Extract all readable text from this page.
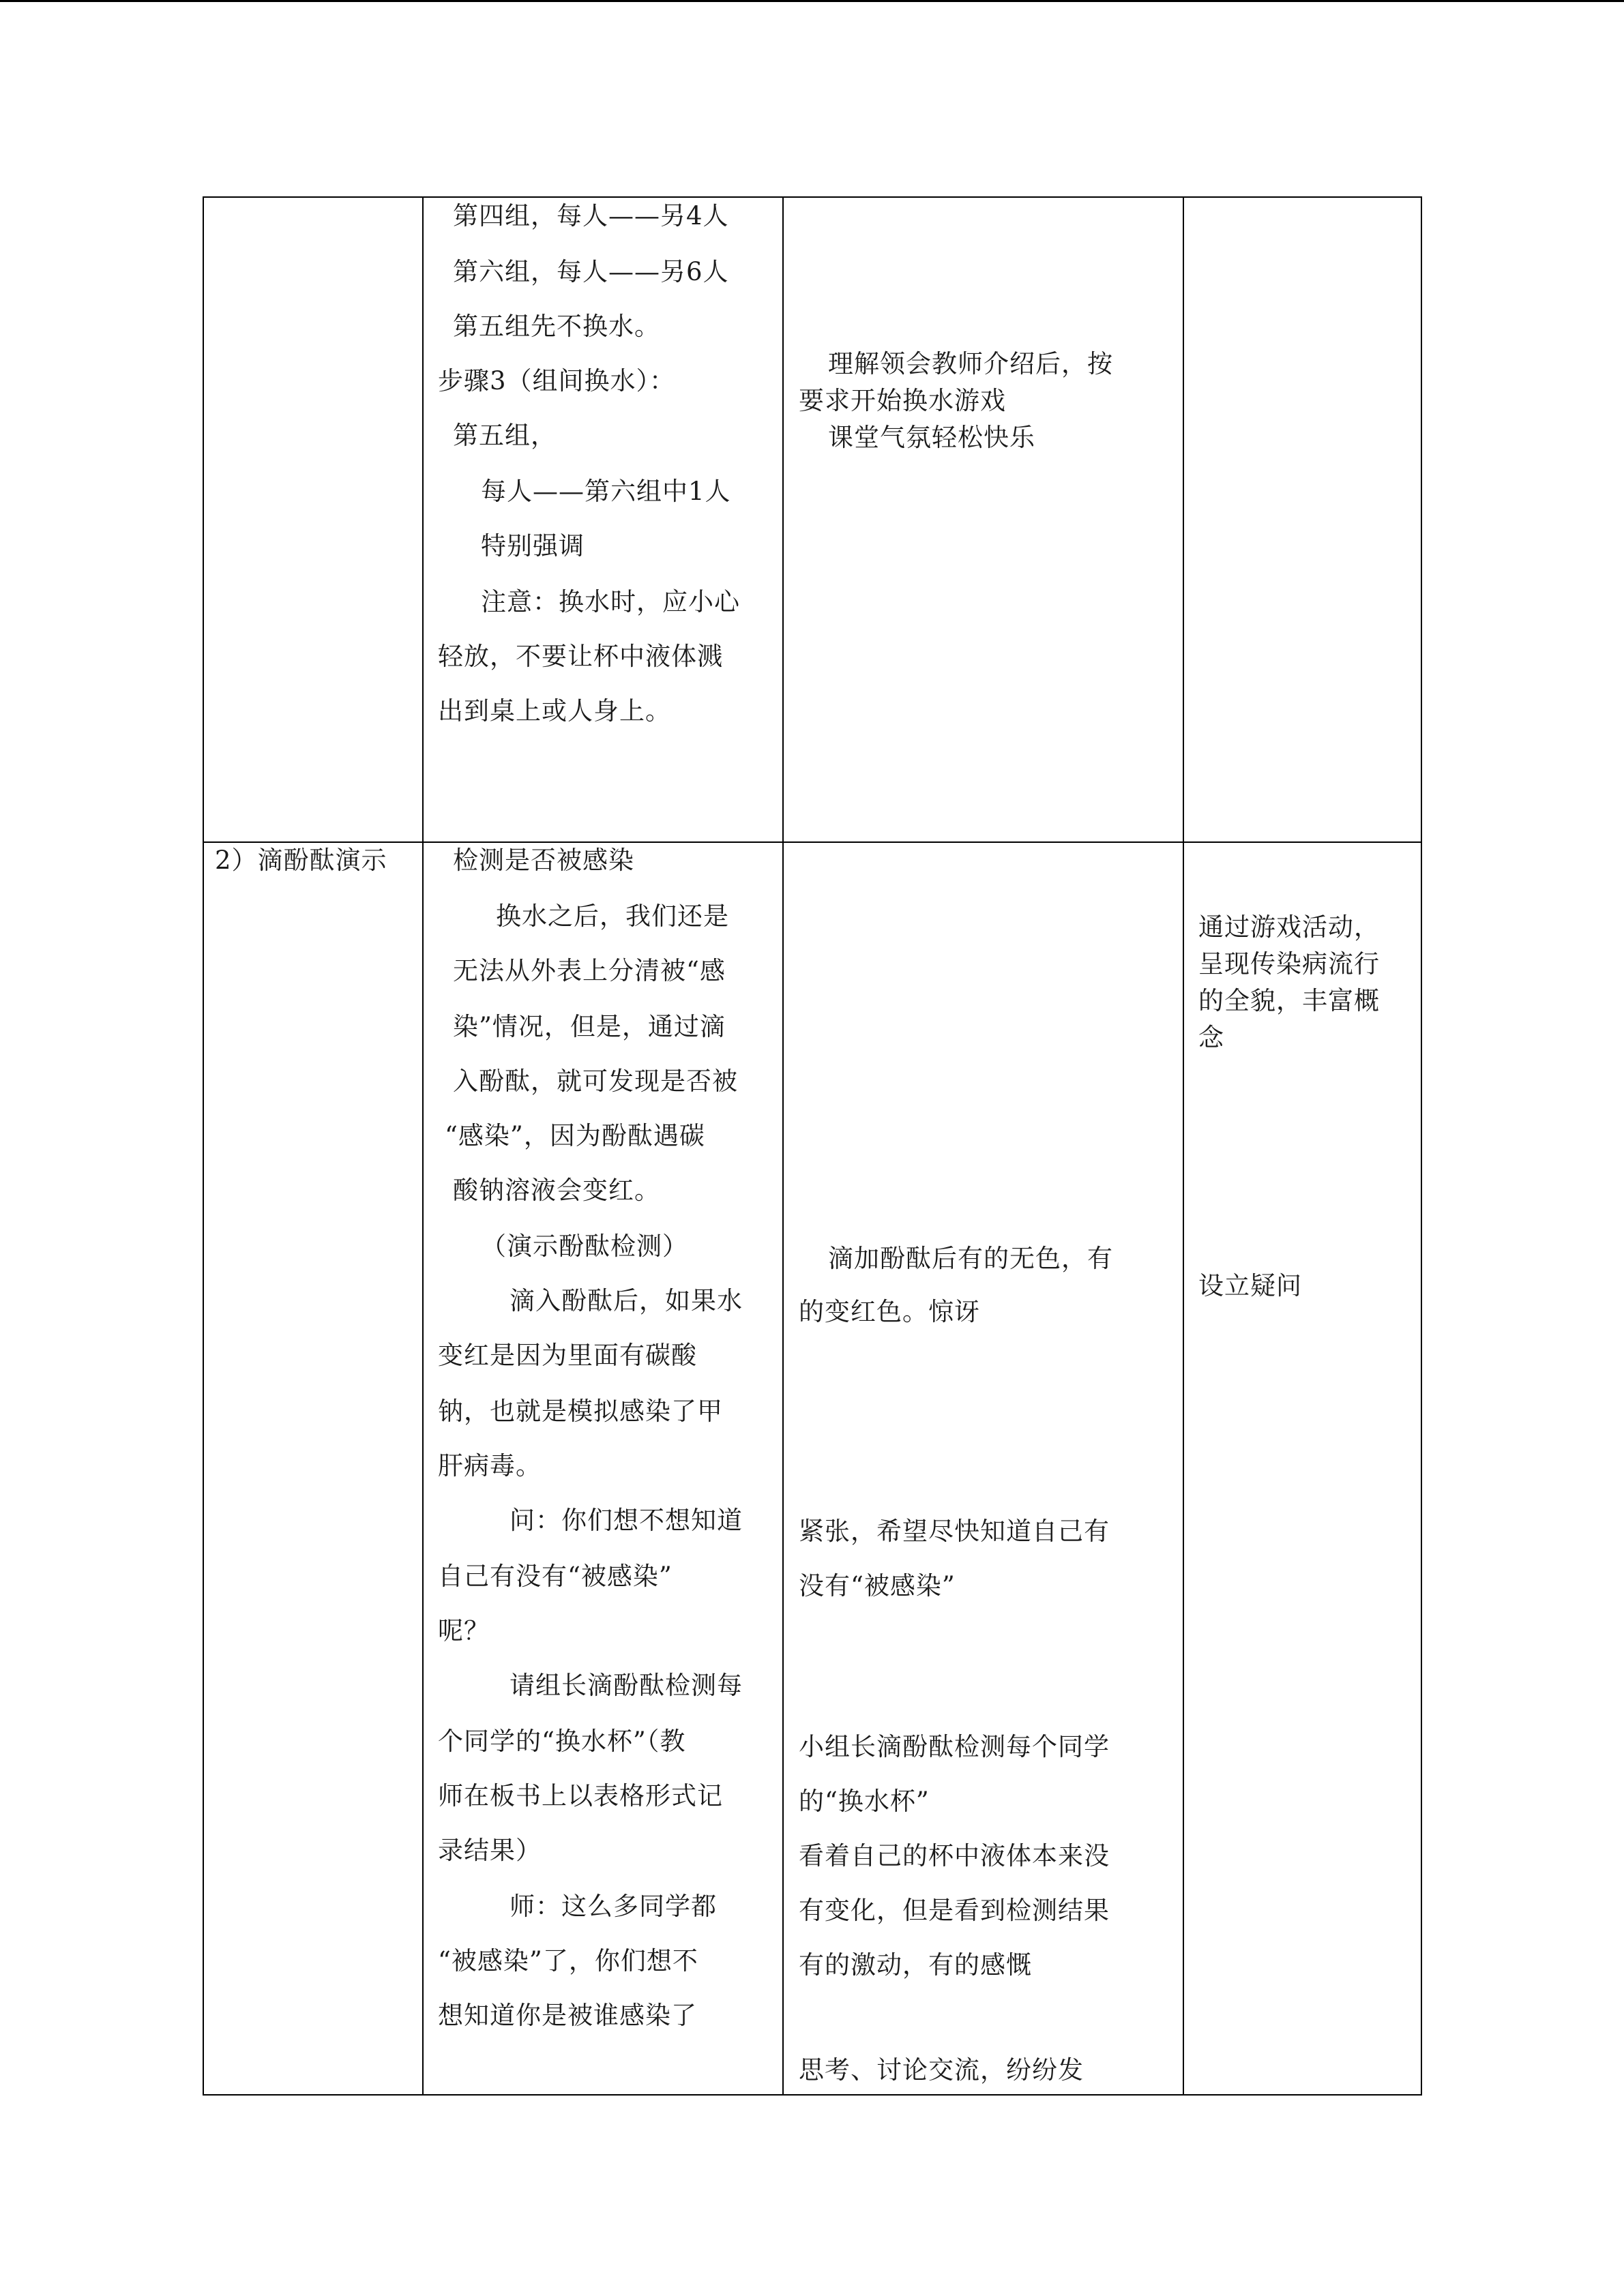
第四组，每人——另4人
第六组，每人——另6人
第五组先不换水。
步骤3（组间换水）：
第五组，
每人——第六组中1人
特别强调
注意：换水时，应小心
轻放，不要让杯中液体溅
出到桌上或人身上。
理解领会教师介绍后，按
要求开始换水游戏
课堂气氛轻松快乐
2）滴酚酞演示	检测是否被感染
换水之后，我们还是
无法从外表上分清被“感
染”情况，但是，通过滴
入酚酞，就可发现是否被
“感染”，因为酚酞遇碳
酸钠溶液会变红。
（演示酚酞检测）
滴入酚酞后，如果水
变红是因为里面有碳酸
钠，也就是模拟感染了甲
肝病毒。
问：你们想不想知道
自己有没有“被感染”
呢？
请组长滴酚酞检测每
个同学的“换水杯”（教
师在板书上以表格形式记
录结果）
师：这么多同学都
“被感染”了，你们想不
想知道你是被谁感染了
滴加酚酞后有的无色，有
的变红色。惊讶
紧张，希望尽快知道自己有
没有“被感染”
小组长滴酚酞检测每个同学
的“换水杯”
看着自己的杯中液体本来没
有变化，但是看到检测结果
有的激动，有的感慨
思考、讨论交流，纷纷发
通过游戏活动，
呈现传染病流行
的全貌，丰富概
念
设立疑问
